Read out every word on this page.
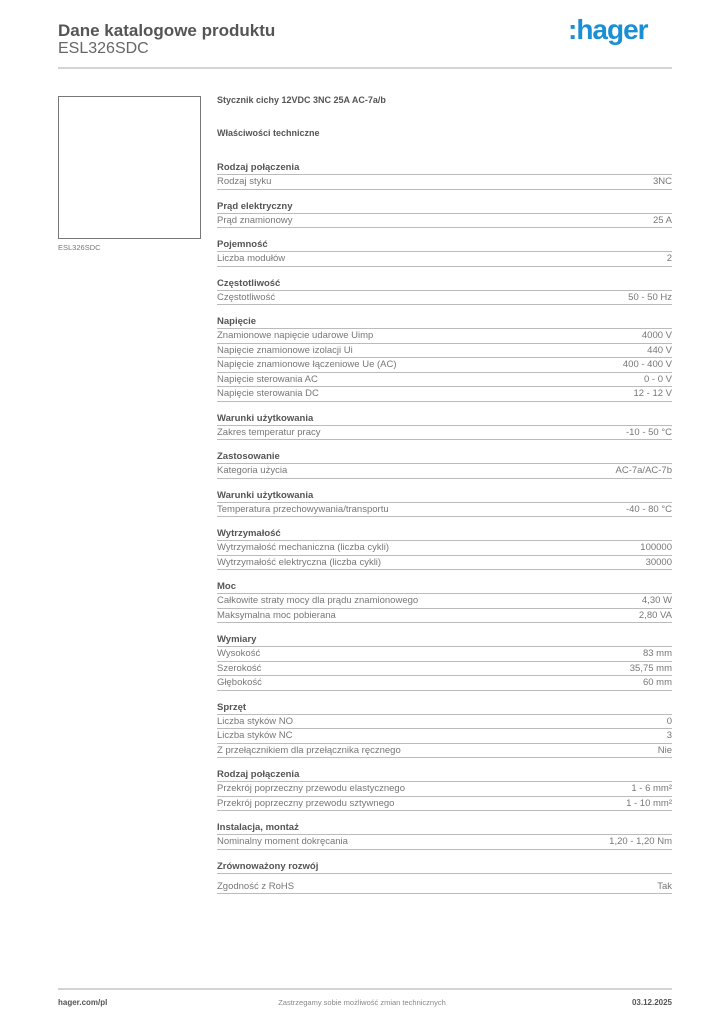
Dane katalogowe produktu
ESL326SDC
:hager
ESL326SDC
Stycznik cichy 12VDC 3NC 25A AC-7a/b
Właściwości techniczne
Rodzaj połączenia
Rodzaj styku	3NC
Prąd elektryczny
Prąd znamionowy	25 A
Pojemność
Liczba modułów	2
Częstotliwość
Częstotliwość	50 - 50 Hz
Napięcie
Znamionowe napięcie udarowe Uimp	4000 V
Napięcie znamionowe izolacji Ui	440 V
Napięcie znamionowe łączeniowe Ue (AC)	400 - 400 V
Napięcie sterowania AC	0 - 0 V
Napięcie sterowania DC	12 - 12 V
Warunki użytkowania
Zakres temperatur pracy	-10 - 50 °C
Zastosowanie
Kategoria użycia	AC-7a/AC-7b
Warunki użytkowania
Temperatura przechowywania/transportu	-40 - 80 °C
Wytrzymałość
Wytrzymałość mechaniczna (liczba cykli)	100000
Wytrzymałość elektryczna (liczba cykli)	30000
Moc
Całkowite straty mocy dla prądu znamionowego	4,30 W
Maksymalna moc pobierana	2,80 VA
Wymiary
Wysokość	83 mm
Szerokość	35,75 mm
Głębokość	60 mm
Sprzęt
Liczba styków NO	0
Liczba styków NC	3
Z przełącznikiem dla przełącznika ręcznego	Nie
Rodzaj połączenia
Przekrój poprzeczny przewodu elastycznego	1 - 6 mm²
Przekrój poprzeczny przewodu sztywnego	1 - 10 mm²
Instalacja, montaż
Nominalny moment dokręcania	1,20 - 1,20 Nm
Zrównoważony rozwój
Zgodność z RoHS	Tak
hager.com/pl	Zastrzegamy sobie możliwość zmian technicznych	03.12.2025
